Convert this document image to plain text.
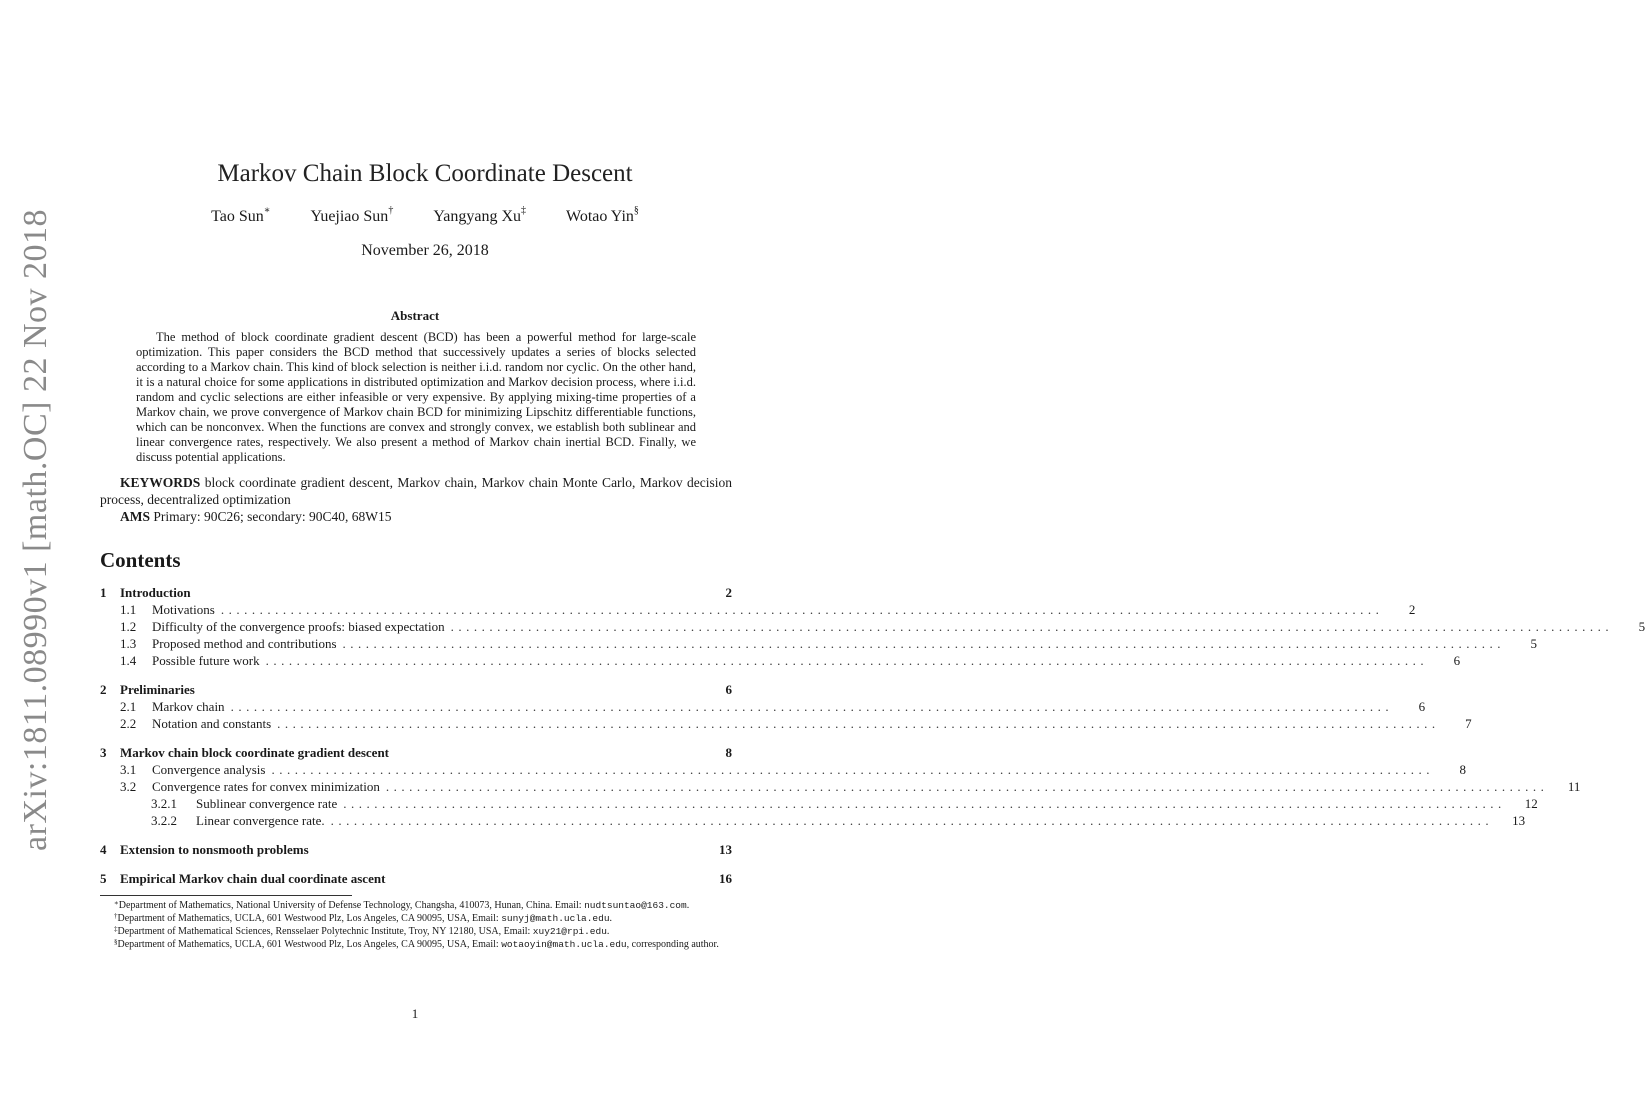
arXiv:1811.08990v1 [math.OC] 22 Nov 2018
Markov Chain Block Coordinate Descent
Tao Sun∗	Yuejiao Sun†	Yangyang Xu‡	Wotao Yin§
November 26, 2018
Abstract
The method of block coordinate gradient descent (BCD) has been a powerful method for large-scale optimization. This paper considers the BCD method that successively updates a series of blocks selected according to a Markov chain. This kind of block selection is neither i.i.d. random nor cyclic. On the other hand, it is a natural choice for some applications in distributed optimization and Markov decision process, where i.i.d. random and cyclic selections are either infeasible or very expensive. By applying mixing-time properties of a Markov chain, we prove convergence of Markov chain BCD for minimizing Lipschitz differentiable functions, which can be nonconvex. When the functions are convex and strongly convex, we establish both sublinear and linear convergence rates, respectively. We also present a method of Markov chain inertial BCD. Finally, we discuss potential applications.
KEYWORDS block coordinate gradient descent, Markov chain, Markov chain Monte Carlo, Markov decision process, decentralized optimization
AMS Primary: 90C26; secondary: 90C40, 68W15
Contents
1	Introduction	2
1.1	Motivations ......................................................................................................................................................	2
1.2	Difficulty of the convergence proofs: biased expectation ......................................................................................................................................................	5
1.3	Proposed method and contributions ......................................................................................................................................................	5
1.4	Possible future work ......................................................................................................................................................	6
2	Preliminaries	6
2.1	Markov chain ......................................................................................................................................................	6
2.2	Notation and constants ......................................................................................................................................................	7
3	Markov chain block coordinate gradient descent	8
3.1	Convergence analysis ......................................................................................................................................................	8
3.2	Convergence rates for convex minimization ......................................................................................................................................................	11
3.2.1	Sublinear convergence rate ......................................................................................................................................................	12
3.2.2	Linear convergence rate. ......................................................................................................................................................	13
4	Extension to nonsmooth problems	13
5	Empirical Markov chain dual coordinate ascent	16

∗Department of Mathematics, National University of Defense Technology, Changsha, 410073, Hunan, China. Email: nudtsuntao@163.com.

†Department of Mathematics, UCLA, 601 Westwood Plz, Los Angeles, CA 90095, USA, Email: sunyj@math.ucla.edu.

‡Department of Mathematical Sciences, Rensselaer Polytechnic Institute, Troy, NY 12180, USA, Email: xuy21@rpi.edu.

§Department of Mathematics, UCLA, 601 Westwood Plz, Los Angeles, CA 90095, USA, Email: wotaoyin@math.ucla.edu, corresponding author.

1
